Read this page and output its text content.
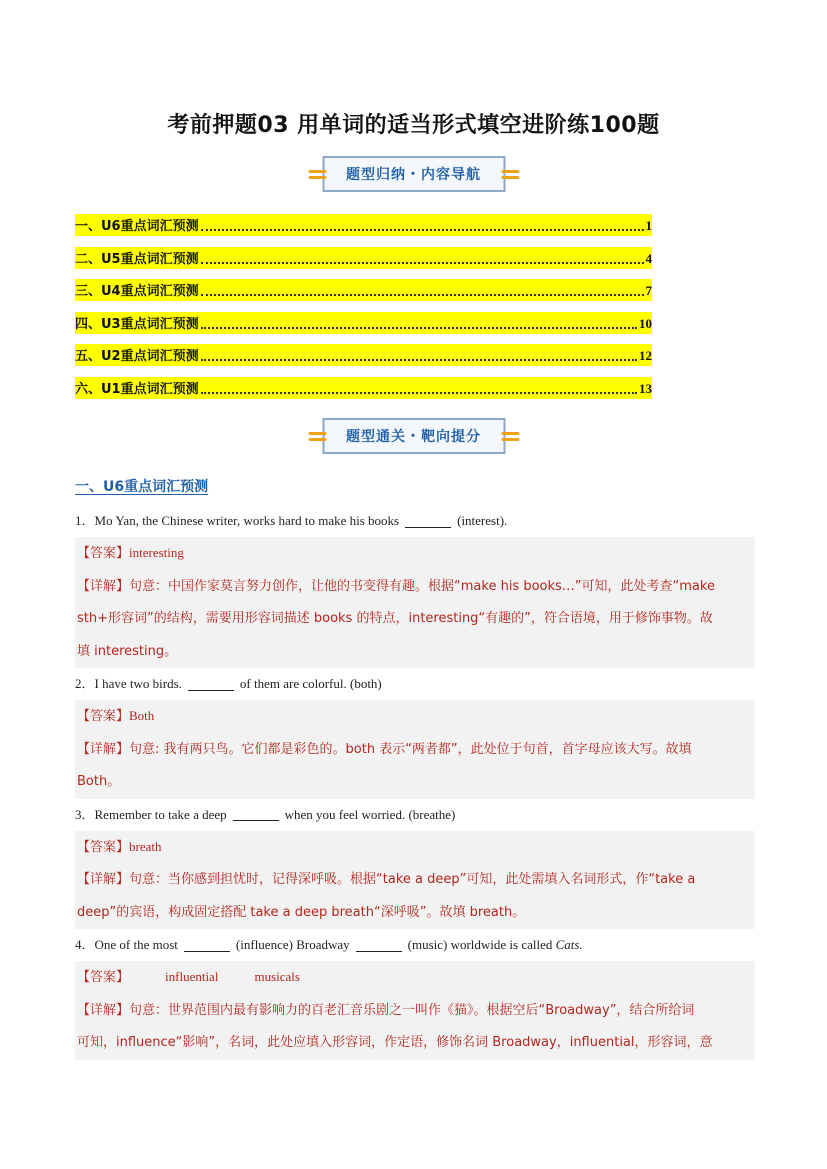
考前押题03 用单词的适当形式填空进阶练100题
题型归纳・内容导航
一、U6重点词汇预测	1
二、U5重点词汇预测	4
三、U4重点词汇预测	7
四、U3重点词汇预测	10
五、U2重点词汇预测	12
六、U1重点词汇预测	13
题型通关・靶向提分
一、U6重点词汇预测
1． Mo Yan, the Chinese writer, works hard to make his books	(interest).

【答案】interesting

【详解】句意：中国作家莫言努力创作，让他的书变得有趣。根据“make his books…”可知，此处考查“make

sth+形容词”的结构，需要用形容词描述 books 的特点，interesting“有趣的”，符合语境，用于修饰事物。故

填 interesting。

2． I have two birds.	of them are colorful. (both)

【答案】Both

【详解】句意: 我有两只鸟。它们都是彩色的。both 表示“两者都”，此处位于句首，首字母应该大写。故填

Both。

3． Remember to take a deep	when you feel worried. (breathe)

【答案】breath

【详解】句意：当你感到担忧时，记得深呼吸。根据“take a deep”可知，此处需填入名词形式，作“take a

deep”的宾语，构成固定搭配 take a deep breath“深呼吸”。故填 breath。

4． One of the most	(influence) Broadway	(music) worldwide is called
Cats.

【答案】	influential	musicals

【详解】句意：世界范围内最有影响力的百老汇音乐剧之一叫作《猫》。根据空后“Broadway”，结合所给词

可知，influence“影响”，名词，此处应填入形容词，作定语，修饰名词 Broadway，influential，形容词，意
